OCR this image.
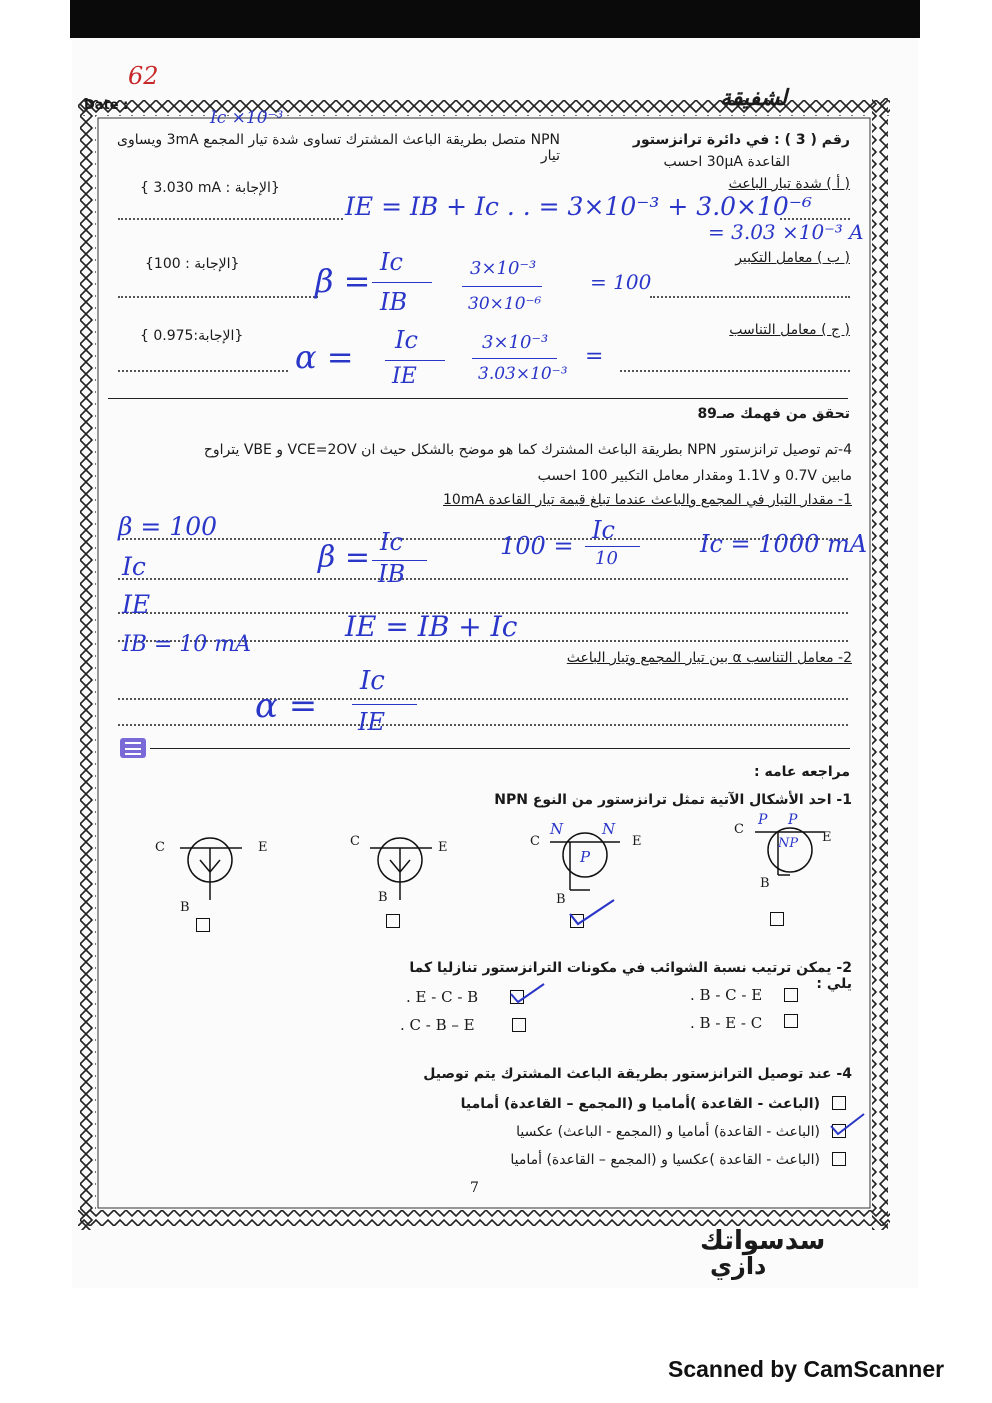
62
Date :	لشفيقة
Ic ×10⁻³
رقم ( 3 ) : في دائرة ترانزستور
NPN متصل بطريقة الباعث المشترك تساوى شدة تيار المجمع 3mA ويساوى تيار	القاعدة 30µA احسب
( أ ) شدة تيار الباعث
{ 3.030 mA : الإجابة}
IE = IB + Ic . . = 3×10⁻³ + 3.0×10⁻⁶
= 3.03 ×10⁻³ A
( ب ) معامل التكبير
{الإجابة : 100} β = Ic
IB
3×10⁻³
30×10⁻⁶
= 100
( ج ) معامل التناسب
{ 0.975:الإجابة}
α = Ic
IE
3×10⁻³
3.03×10⁻³
=
تحقق من فهمك صـ89
4-تم توصيل ترانزستور NPN بطريقة الباعث المشترك كما هو موضح بالشكل حيث ان VCE=2OV و VBE يتراوح
مابين 0.7V و 1.1V ومقدار معامل التكبير 100 احسب
1- مقدار التيار في المجمع والباعث عندما تبلغ قيمة تيار القاعدة 10mA
β = 100
Ic
IE
IB = 10 mA
β = Ic
IB
100 =
Ic
10
Ic = 1000 mA
IE = IB + Ic
2- معامل التناسب α بين تيار المجمع وتيار الباعث
α =
Ic
IE
مراجعه عامه :
1- احد الأشكال الآتية تمثل ترانزستور من النوع NPN
C	E
B
C	E
B
C	E
B
C
E
B
N	N
P
P P
NP
2- يمكن ترتيب نسبة الشوائب في مكونات الترانزستور تنازليا كما يلي :
. B - C - E
. E - C - B
. B - E - C
. C - B – E
4- عند توصيل الترانزستور بطريقة الباعث المشترك يتم توصيل
(الباعث - القاعدة )أماميا و (المجمع – القاعدة) أماميا
(الباعث - القاعدة) أماميا و (المجمع - الباعث) عكسيا
(الباعث - القاعدة )عكسيا و (المجمع – القاعدة) أماميا
7
سدسواتك
دازي
Scanned by CamScanner
